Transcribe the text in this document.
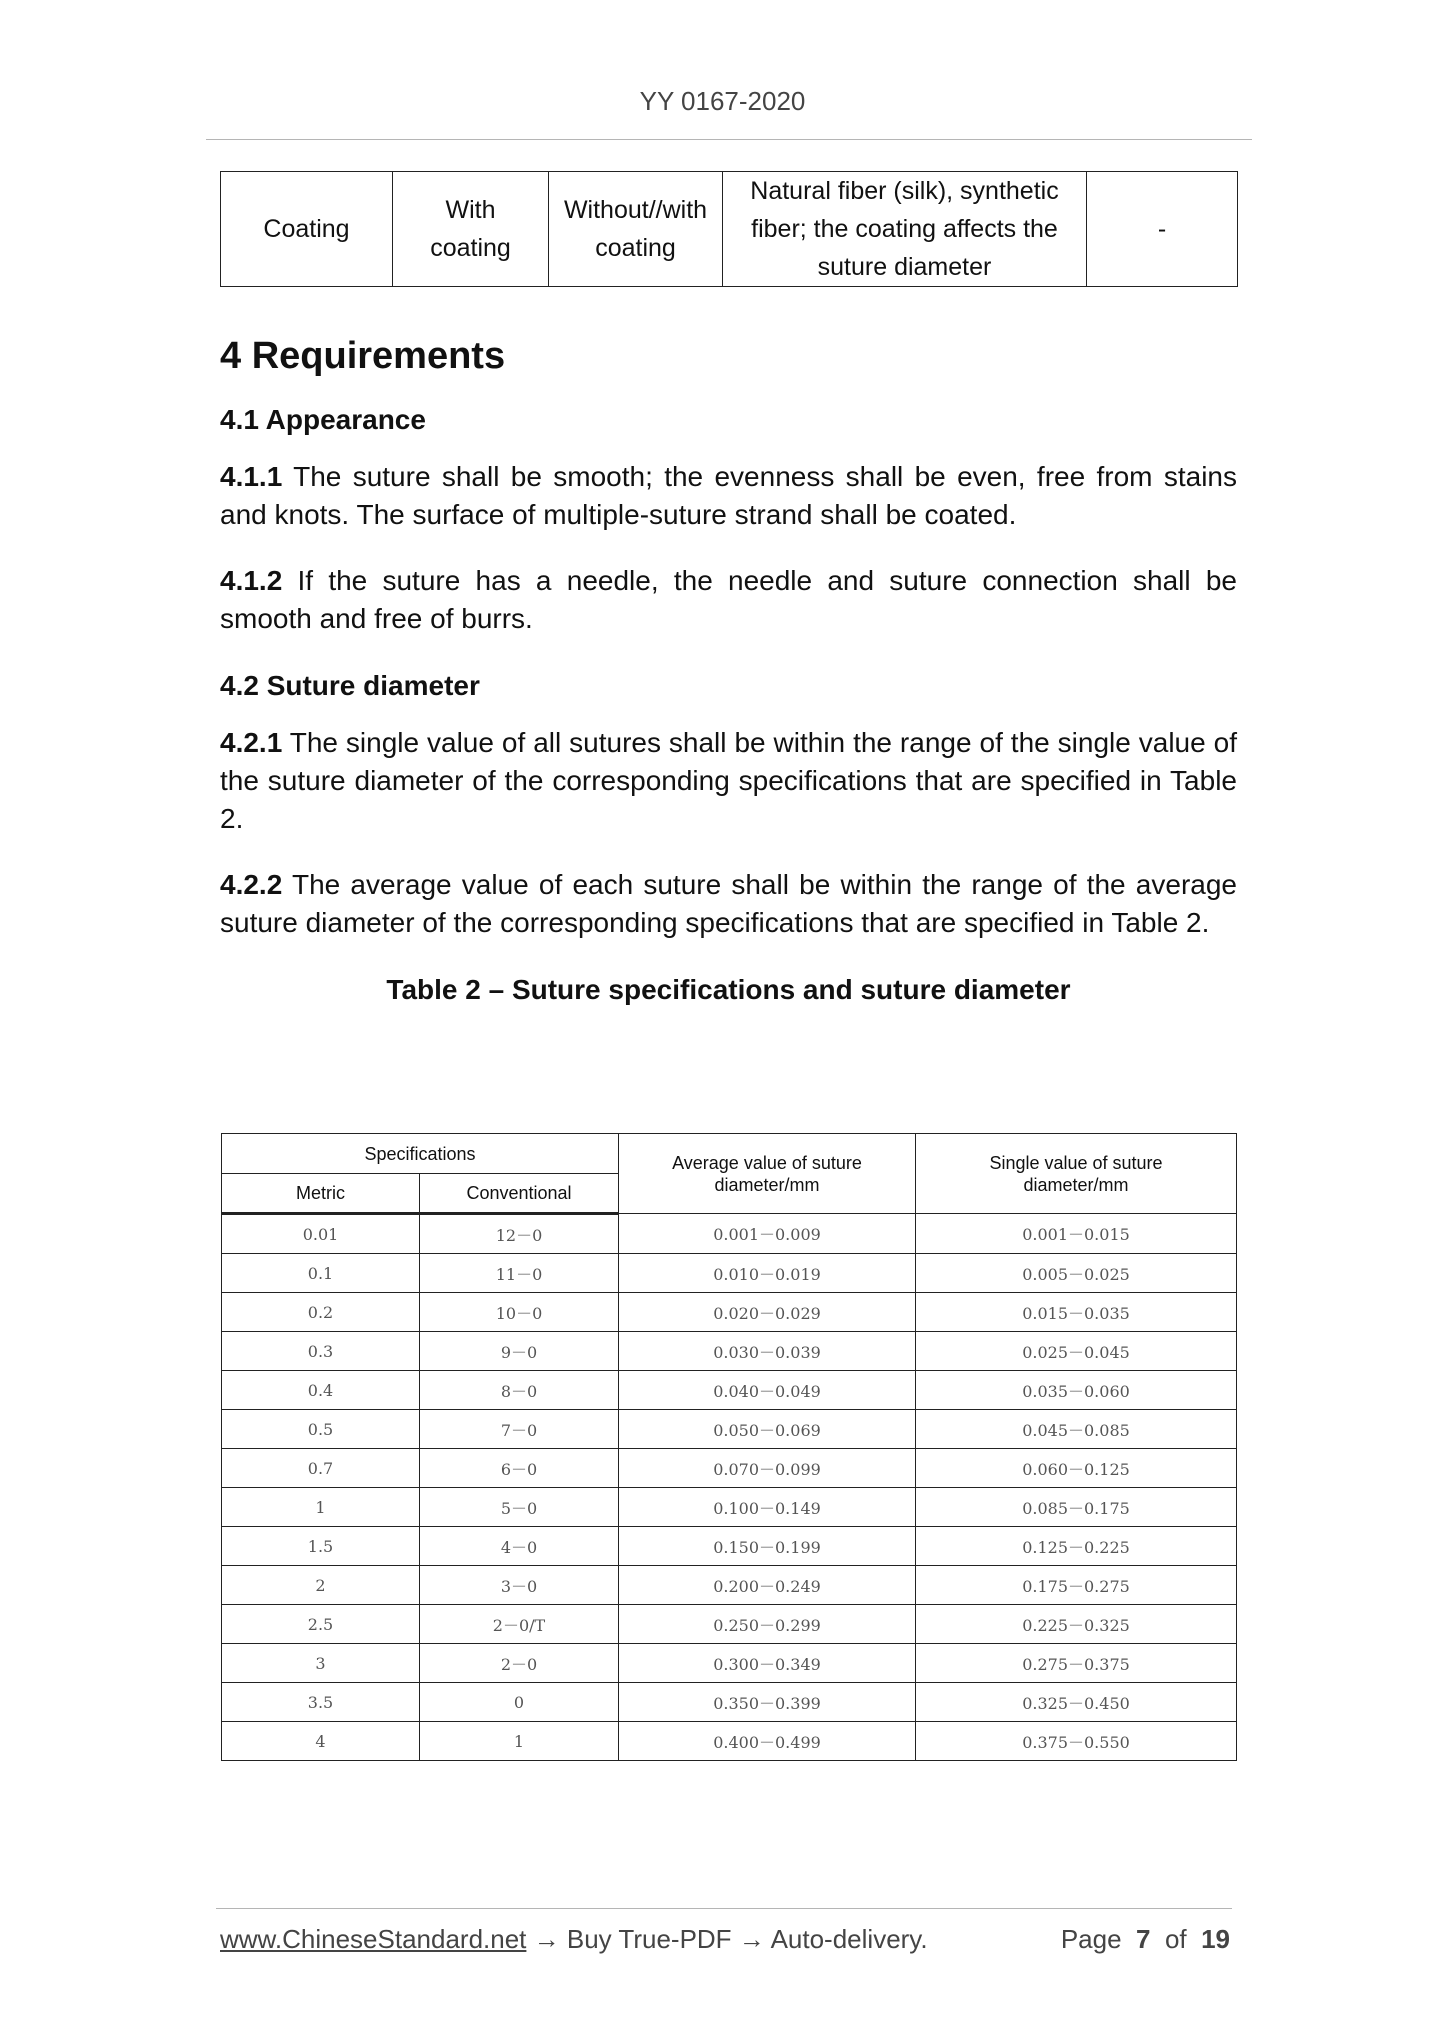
YY 0167-2020
Coating	With coating	Without//with coating	Natural fiber (silk), synthetic fiber; the coating affects the suture diameter	-
4 Requirements
4.1 Appearance

4.1.1 The suture shall be smooth; the evenness shall be even, free from stains and knots. The surface of multiple-suture strand shall be coated.

4.1.2 If the suture has a needle, the needle and suture connection shall be smooth and free of burrs.

4.2 Suture diameter

4.2.1 The single value of all sutures shall be within the range of the single value of the suture diameter of the corresponding specifications that are specified in Table 2.

4.2.2 The average value of each suture shall be within the range of the average suture diameter of the corresponding specifications that are specified in Table 2.

Table 2 – Suture specifications and suture diameter

Specifications		Average value of suture diameter/mm	Single value of suture diameter/mm
Metric	Conventional		
0.01	12－0	0.001－0.009	0.001－0.015
0.1	11－0	0.010－0.019	0.005－0.025
0.2	10－0	0.020－0.029	0.015－0.035
0.3	9－0	0.030－0.039	0.025－0.045
0.4	8－0	0.040－0.049	0.035－0.060
0.5	7－0	0.050－0.069	0.045－0.085
0.7	6－0	0.070－0.099	0.060－0.125
1	5－0	0.100－0.149	0.085－0.175
1.5	4－0	0.150－0.199	0.125－0.225
2	3－0	0.200－0.249	0.175－0.275
2.5	2－0/T	0.250－0.299	0.225－0.325
3	2－0	0.300－0.349	0.275－0.375
3.5	0	0.350－0.399	0.325－0.450
4	1	0.400－0.499	0.375－0.550
www.ChineseStandard.net → Buy True-PDF → Auto-delivery.	Page 7 of 19
